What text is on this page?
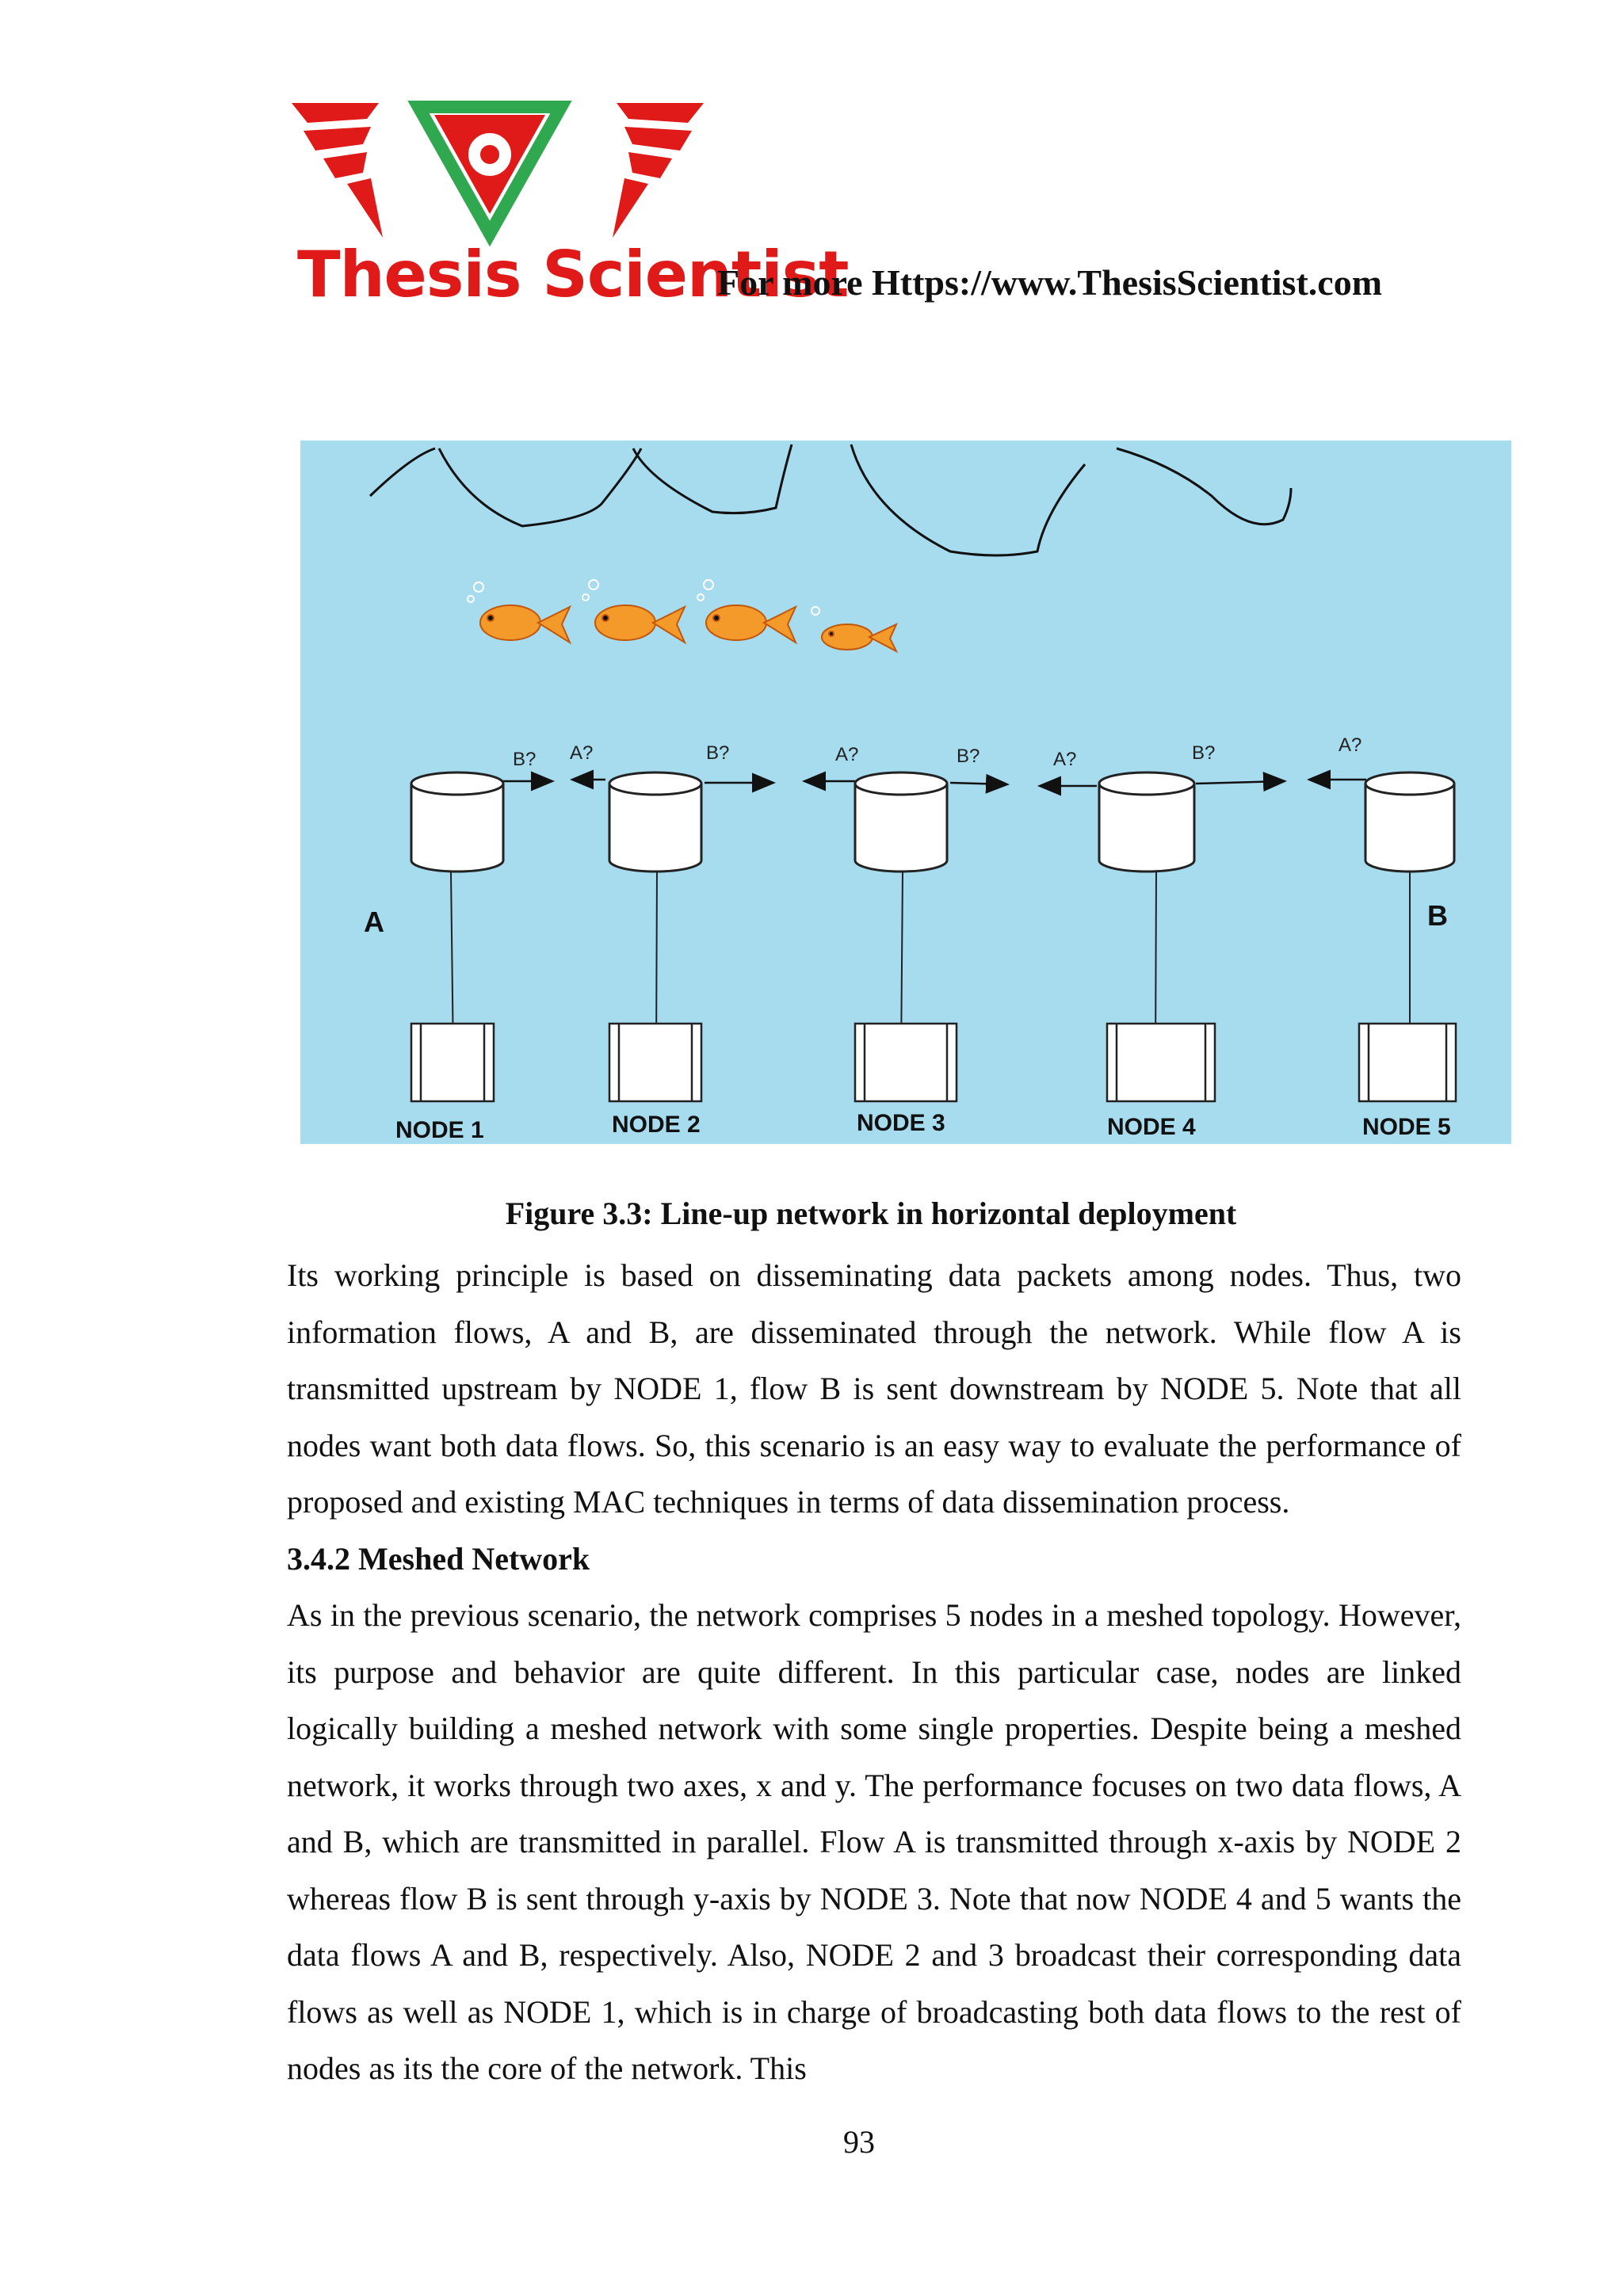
Thesis Scientist
For more Https://www.ThesisScientist.com
B? A?	B?	A?	B?	A?	B?	A?
A	B
NODE 1	NODE 2	NODE 3	NODE 4	NODE 5
Figure 3.3: Line-up network in horizontal deployment

Its working principle is based on disseminating data packets among nodes. Thus, two information flows, A and B, are disseminated through the network. While flow A is transmitted upstream by NODE 1, flow B is sent downstream by NODE 5. Note that all nodes want both data flows. So, this scenario is an easy way to evaluate the performance of proposed and existing MAC techniques in terms of data dissemination process.

3.4.2 Meshed Network

As in the previous scenario, the network comprises 5 nodes in a meshed topology. However, its purpose and behavior are quite different. In this particular case, nodes are linked logically building a meshed network with some single properties. Despite being a meshed network, it works through two axes, x and y. The performance focuses on two data flows, A and B, which are transmitted in parallel. Flow A is transmitted through x-axis by NODE 2 whereas flow B is sent through y-axis by NODE 3. Note that now NODE 4 and 5 wants the data flows A and B, respectively. Also, NODE 2 and 3 broadcast their corresponding data flows as well as NODE 1, which is in charge of broadcasting both data flows to the rest of nodes as its the core of the network. This

93
